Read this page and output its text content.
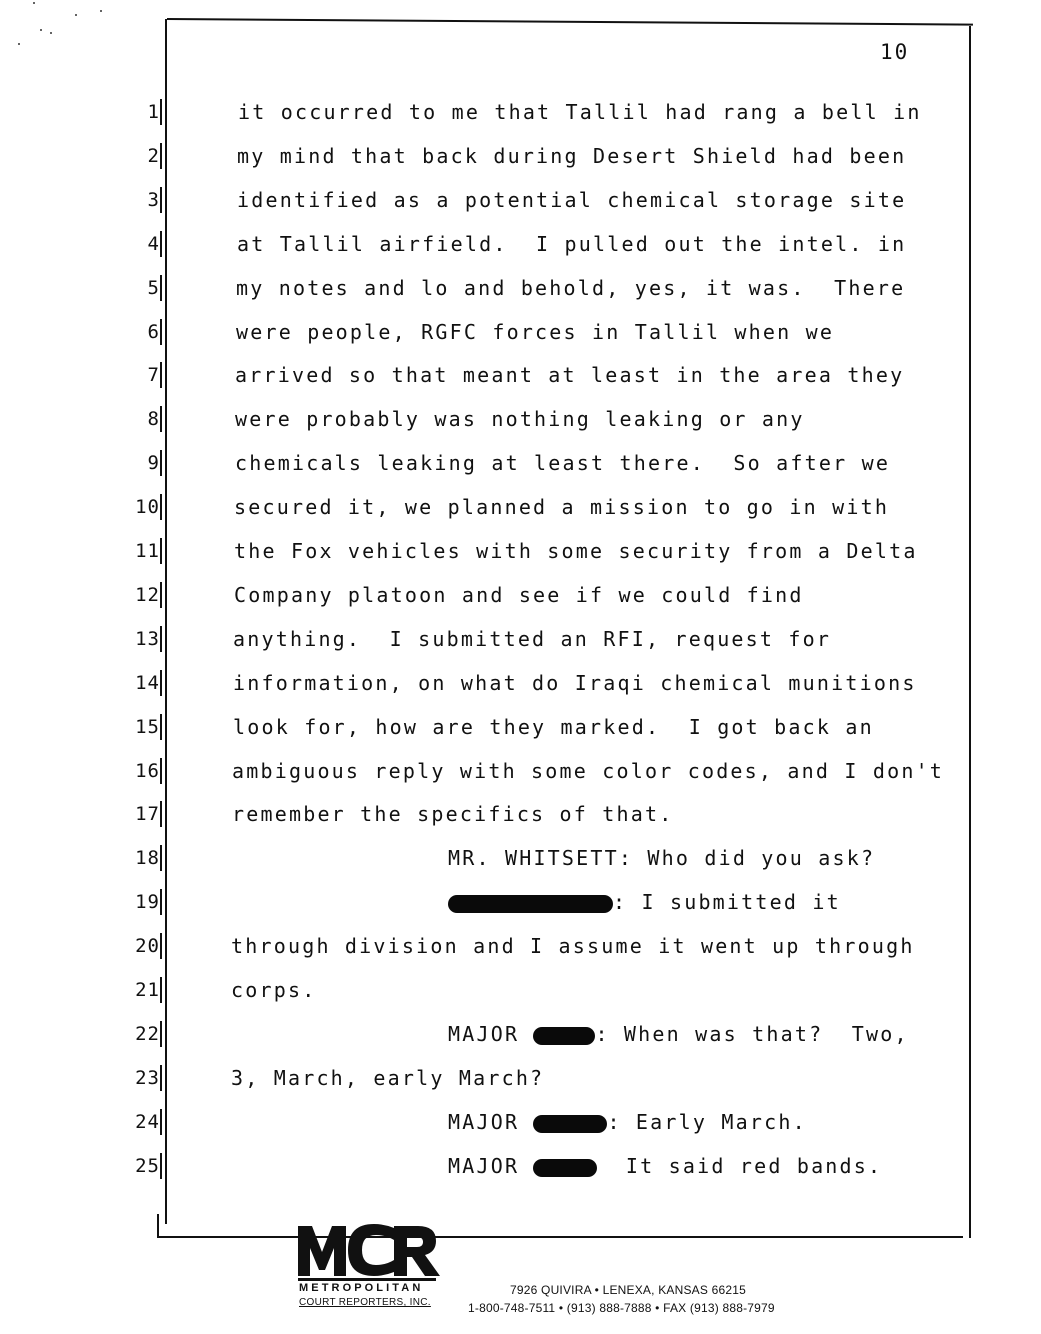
10
1	it occurred to me that Tallil had rang a bell in
2	my mind that back during Desert Shield had been
3	identified as a potential chemical storage site
4	at Tallil airfield.  I pulled out the intel. in
5	my notes and lo and behold, yes, it was.  There
6	were people, RGFC forces in Tallil when we
7	arrived so that meant at least in the area they
8	were probably was nothing leaking or any
9	chemicals leaking at least there.  So after we
10	secured it, we planned a mission to go in with
11	the Fox vehicles with some security from a Delta
12	Company platoon and see if we could find
13	anything.  I submitted an RFI, request for
14	information, on what do Iraqi chemical munitions
15	look for, how are they marked.  I got back an
16	ambiguous reply with some color codes, and I don't
17	remember the specifics of that.
18	MR. WHITSETT: Who did you ask?
19	: I submitted it
20	through division and I assume it went up through
21	corps.
22	MAJOR	: When was that?  Two,
23	3, March, early March?
24	MAJOR	: Early March.
25	MAJOR	It said red bands.
METROPOLITAN
COURT REPORTERS, INC.
7926 QUIVIRA • LENEXA, KANSAS 66215
1-800-748-7511 • (913) 888-7888 • FAX (913) 888-7979
